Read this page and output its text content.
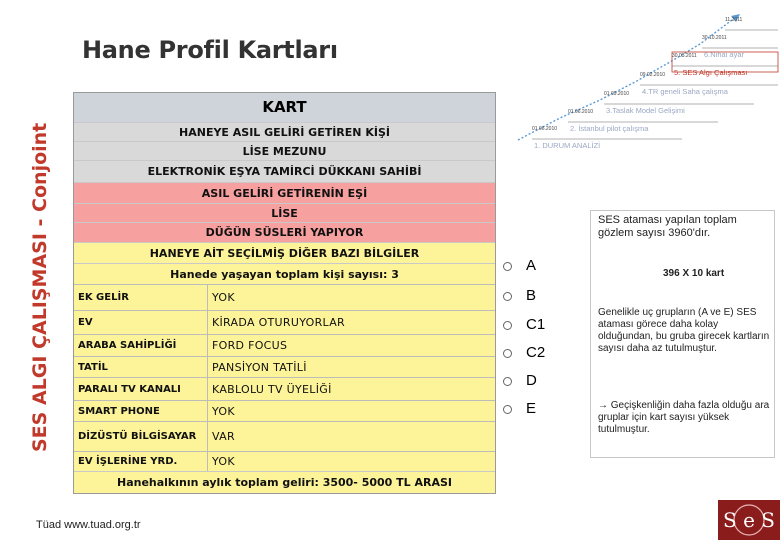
SES ALGI ÇALIŞMASI - Conjoint
Hane Profil Kartları
01.06.2010
1. DURUM ANALİZİ
01.06.2010
2. İstanbul pilot çalışma
01.09.2010
3.Taslak Model Gelişimi
09.02.2010
4.TR geneli Saha çalışma
30.03.2011
5. SES Algı Çalışması
30.10.2011
6.Nihai ayar
11.2011
KART
HANEYE ASIL GELİRİ GETİREN KİŞİ
LİSE MEZUNU
ELEKTRONİK EŞYA TAMİRCİ DÜKKANI SAHİBİ
ASIL GELİRİ GETİRENİN EŞİ
LİSE
DÜĞÜN SÜSLERİ YAPIYOR
HANEYE AİT SEÇİLMİŞ DİĞER BAZI BİLGİLER
Hanede yaşayan toplam kişi sayısı: 3
EK GELİR	YOK
EV	KİRADA OTURUYORLAR
ARABA SAHİPLİĞİ	FORD FOCUS
TATİL	PANSİYON TATİLİ
PARALI TV KANALI	KABLOLU TV ÜYELİĞİ
SMART PHONE	YOK
DİZÜSTÜ BİLGİSAYAR	VAR
EV İŞLERİNE YRD.	YOK
Hanehalkının aylık toplam geliri: 3500- 5000 TL ARASI
A
B
C1
C2
D
E
SES ataması yapılan toplam gözlem sayısı 3960'dır.
396 X 10 kart
Genelikle uç grupların (A ve E) SES ataması görece daha kolay olduğundan, bu gruba girecek kartların sayısı daha az tutulmuştur.
→ Geçişkenliğin daha fazla olduğu ara gruplar için kart sayısı yüksek tutulmuştur.
Tüad www.tuad.org.tr	S e S
